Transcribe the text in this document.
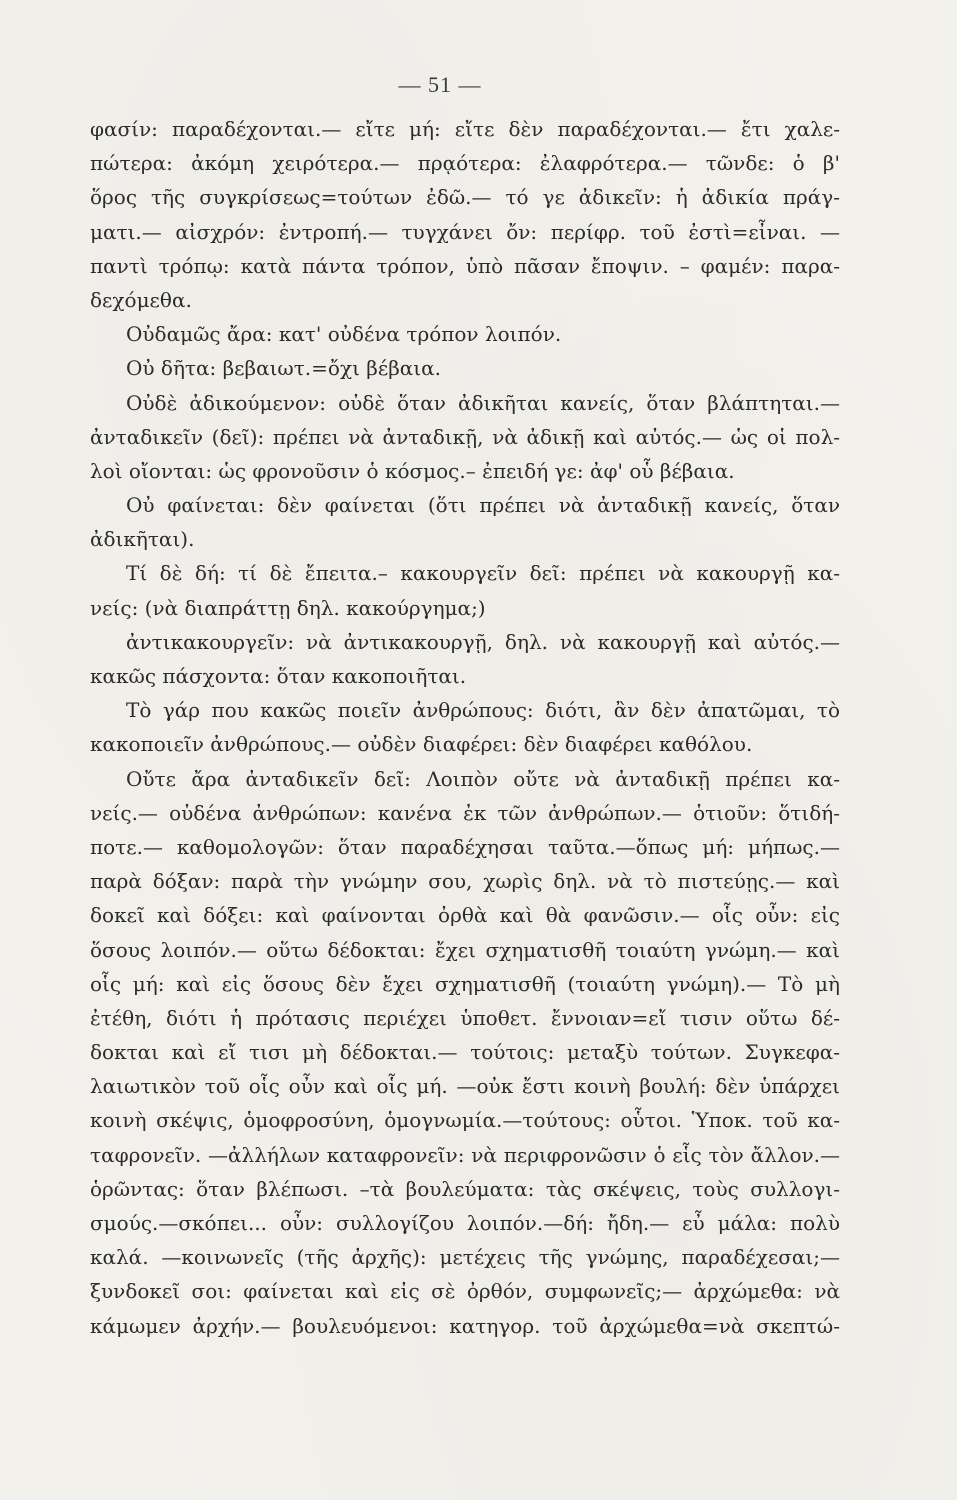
— 51 —
φασίν: παραδέχονται.— εἴτε μή: εἴτε δὲν παραδέχονται.— ἔτι χαλε-
πώτερα: ἀκόμη χειρότερα.— πρᾳότερα: ἐλαφρότερα.— τῶνδε: ὁ β'
ὅρος τῆς συγκρίσεως=τούτων ἐδῶ.— τό γε ἀδικεῖν: ἡ ἀδικία πράγ-
ματι.— αἰσχρόν: ἐντροπή.— τυγχάνει ὄν: περίφρ. τοῦ ἐστὶ=εἶναι. —
παντὶ τρόπῳ: κατὰ πάντα τρόπον, ὑπὸ πᾶσαν ἔποψιν. – φαμέν: παρα-
δεχόμεθα.
Οὐδαμῶς ἄρα: κατ' οὐδένα τρόπον λοιπόν.
Οὐ δῆτα: βεβαιωτ.=ὄχι βέβαια.
Οὐδὲ ἀδικούμενον: οὐδὲ ὅταν ἀδικῆται κανείς, ὅταν βλάπτηται.—
ἀνταδικεῖν (δεῖ): πρέπει νὰ ἀνταδικῇ, νὰ ἀδικῇ καὶ αὐτός.— ὡς οἱ πολ-
λοὶ οἴονται: ὡς φρονοῦσιν ὁ κόσμος.– ἐπειδή γε: ἀφ' οὗ βέβαια.
Οὐ φαίνεται: δὲν φαίνεται (ὅτι πρέπει νὰ ἀνταδικῇ κανείς, ὅταν
ἀδικῆται).
Τί δὲ δή: τί δὲ ἔπειτα.– κακουργεῖν δεῖ: πρέπει νὰ κακουργῇ κα-
νείς: (νὰ διαπράττῃ δηλ. κακούργημα;)
ἀντικακουργεῖν: νὰ ἀντικακουργῇ, δηλ. νὰ κακουργῇ καὶ αὐτός.—
κακῶς πάσχοντα: ὅταν κακοποιῆται.
Τὸ γάρ που κακῶς ποιεῖν ἀνθρώπους: διότι, ἂν δὲν ἀπατῶμαι, τὸ
κακοποιεῖν ἀνθρώπους.— οὐδὲν διαφέρει: δὲν διαφέρει καθόλου.
Οὔτε ἄρα ἀνταδικεῖν δεῖ: Λοιπὸν οὔτε νὰ ἀνταδικῇ πρέπει κα-
νείς.— οὐδένα ἀνθρώπων: κανένα ἐκ τῶν ἀνθρώπων.— ὁτιοῦν: ὅτιδή-
ποτε.— καθομολογῶν: ὅταν παραδέχησαι ταῦτα.—ὅπως μή: μήπως.—
παρὰ δόξαν: παρὰ τὴν γνώμην σου, χωρὶς δηλ. νὰ τὸ πιστεύῃς.— καὶ
δοκεῖ καὶ δόξει: καὶ φαίνονται ὀρθὰ καὶ θὰ φανῶσιν.— οἷς οὖν: εἰς
ὅσους λοιπόν.— οὕτω δέδοκται: ἔχει σχηματισθῆ τοιαύτη γνώμη.— καὶ
οἷς μή: καὶ εἰς ὅσους δὲν ἔχει σχηματισθῆ (τοιαύτη γνώμη).— Τὸ μὴ
ἐτέθη, διότι ἡ πρότασις περιέχει ὑποθετ. ἔννοιαν=εἴ τισιν οὕτω δέ-
δοκται καὶ εἴ τισι μὴ δέδοκται.— τούτοις: μεταξὺ τούτων. Συγκεφα-
λαιωτικὸν τοῦ οἷς οὖν καὶ οἷς μή. —οὐκ ἔστι κοινὴ βουλή: δὲν ὑπάρχει
κοινὴ σκέψις, ὁμοφροσύνη, ὁμογνωμία.—τούτους: οὗτοι. Ὑποκ. τοῦ κα-
ταφρονεῖν. —ἀλλήλων καταφρονεῖν: νὰ περιφρονῶσιν ὁ εἷς τὸν ἄλλον.—
ὁρῶντας: ὅταν βλέπωσι. –τὰ βουλεύματα: τὰς σκέψεις, τοὺς συλλογι-
σμούς.—σκόπει... οὖν: συλλογίζου λοιπόν.—δή: ἤδη.— εὖ μάλα: πολὺ
καλά. —κοινωνεῖς (τῆς ἀρχῆς): μετέχεις τῆς γνώμης, παραδέχεσαι;—
ξυνδοκεῖ σοι: φαίνεται καὶ εἰς σὲ ὀρθόν, συμφωνεῖς;— ἀρχώμεθα: νὰ
κάμωμεν ἀρχήν.— βουλευόμενοι: κατηγορ. τοῦ ἀρχώμεθα=νὰ σκεπτώ-
